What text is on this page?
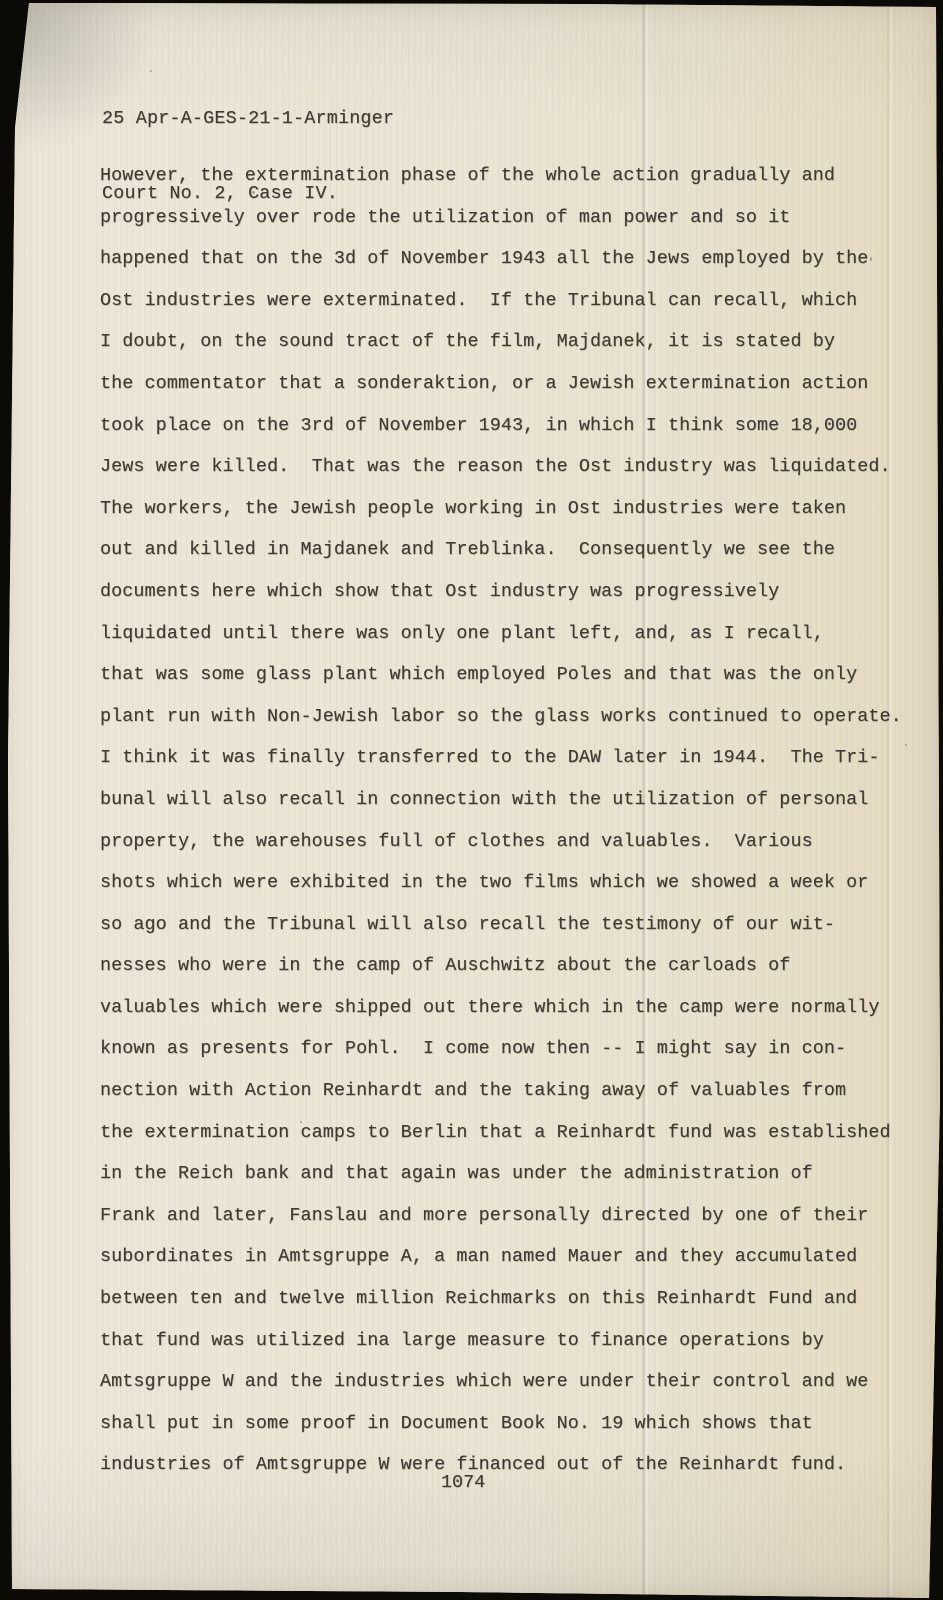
25 Apr-A-GES-21-1-Arminger

Court No. 2, Case IV.

However, the extermination phase of the whole action gradually and
progressively over rode the utilization of man power and so it
happened that on the 3d of November 1943 all the Jews employed by the
Ost industries were exterminated.  If the Tribunal can recall, which
I doubt, on the sound tract of the film, Majdanek, it is stated by
the commentator that a sonderaktion, or a Jewish extermination action
took place on the 3rd of November 1943, in which I think some 18,000
Jews were killed.  That was the reason the Ost industry was liquidated.
The workers, the Jewish people working in Ost industries were taken
out and killed in Majdanek and Treblinka.  Consequently we see the
documents here which show that Ost industry was progressively
liquidated until there was only one plant left, and, as I recall,
that was some glass plant which employed Poles and that was the only
plant run with Non-Jewish labor so the glass works continued to operate.
I think it was finally transferred to the DAW later in 1944.  The Tri-
bunal will also recall in connection with the utilization of personal
property, the warehouses full of clothes and valuables.  Various
shots which were exhibited in the two films which we showed a week or
so ago and the Tribunal will also recall the testimony of our wit-
nesses who were in the camp of Auschwitz about the carloads of
valuables which were shipped out there which in the camp were normally
known as presents for Pohl.  I come now then -- I might say in con-
nection with Action Reinhardt and the taking away of valuables from
the extermination camps to Berlin that a Reinhardt fund was established
in the Reich bank and that again was under the administration of
Frank and later, Fanslau and more personally directed by one of their
subordinates in Amtsgruppe A, a man named Mauer and they accumulated
between ten and twelve million Reichmarks on this Reinhardt Fund and
that fund was utilized ina large measure to finance operations by
Amtsgruppe W and the industries which were under their control and we
shall put in some proof in Document Book No. 19 which shows that
industries of Amtsgruppe W were financed out of the Reinhardt fund.
1074
